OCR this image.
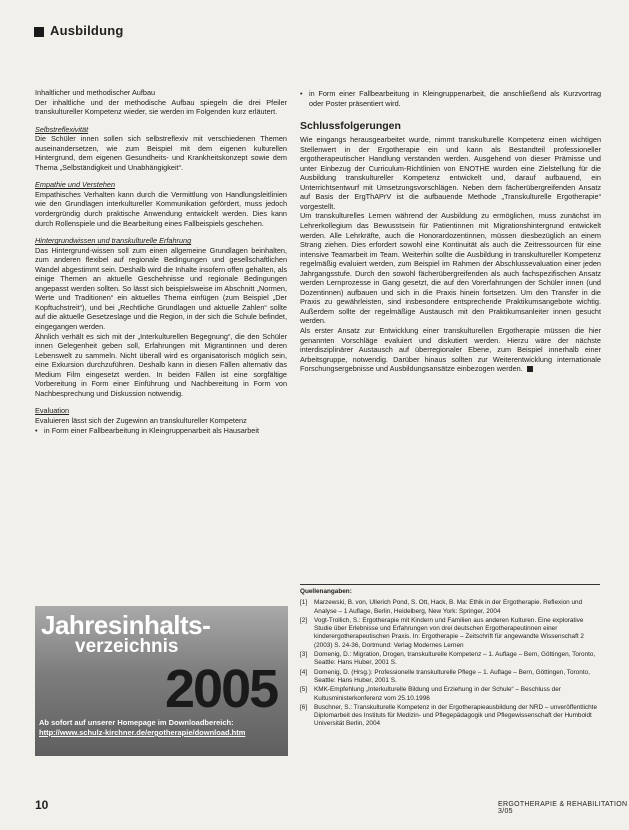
Ausbildung

Inhaltlicher und methodischer Aufbau

Der inhaltliche und der methodische Aufbau spiegeln die drei Pfeiler transkultureller Kompetenz wieder, sie werden im Folgenden kurz erläutert.

Selbstreflexivität

Die Schüler innen sollen sich selbstreflexiv mit verschiedenen Themen auseinandersetzen, wie zum Beispiel mit dem eigenen kulturellen Hintergrund, dem eigenen Gesundheits- und Krankheitskonzept sowie dem Thema „Selbständigkeit und Unabhängigkeit“.

Empathie und Verstehen

Empathisches Verhalten kann durch die Vermittlung von Handlungsleitlinien wie den Grundlagen interkultureller Kommunikation gefördert, muss jedoch vordergründig durch praktische Anwendung entwickelt werden. Dies kann durch Rollenspiele und die Bearbeitung eines Fallbeispiels geschehen.

Hintergrundwissen und transkulturelle Erfahrung

Das Hintergrund-wissen soll zum einen allgemeine Grundlagen beinhalten, zum anderen flexibel auf regionale Bedingungen und gesellschaftlichen Wandel abgestimmt sein. Deshalb wird die Inhalte insofern offen gehalten, als einige Themen an aktuelle Geschehnisse und regionale Bedingungen angepasst werden sollten. So lässt sich beispielsweise im Abschnitt „Normen, Werte und Traditionen“ ein aktuelles Thema einfügen (zum Beispiel „Der Kopftuchstreit“), und bei „Rechtliche Grundlagen und aktuelle Zahlen“ sollte auf die aktuelle Gesetzeslage und die Region, in der sich die Schule befindet, eingegangen werden.

Ähnlich verhält es sich mit der „Interkulturellen Begegnung“, die den Schüler innen Gelegenheit geben soll, Erfahrungen mit Migrantinnen und deren Lebenswelt zu sammeln. Nicht überall wird es organisatorisch möglich sein, eine Exkursion durchzuführen. Deshalb kann in diesen Fällen alternativ das Medium Film eingesetzt werden. In beiden Fällen ist eine sorgfältige Vorbereitung in Form einer Einführung und Nachbereitung in Form von Nachbesprechung und Diskussion notwendig.

Evaluation

Evaluieren lässt sich der Zugewinn an transkultureller Kompetenz

• in Form einer Fallbearbeitung in Kleingruppenarbeit als Hausarbeit
• in Form einer Fallbearbeitung in Kleingruppenarbeit, die anschließend als Kurzvortrag oder Poster präsentiert wird.

Schlussfolgerungen

Wie eingangs herausgearbeitet wurde, nimmt transkulturelle Kompetenz einen wichtigen Stellenwert in der Ergotherapie ein und kann als Bestandteil professioneller ergotherapeutischer Handlung verstanden werden. Ausgehend von dieser Prämisse und unter Einbezug der Curriculum-Richtlinien von ENOTHE wurden eine Zielstellung für die Ausbildung transkultureller Kompetenz entwickelt und, darauf aufbauend, ein Unterrichtsentwurf mit Umsetzungsvorschlägen. Neben dem fächerübergreifenden Ansatz auf Basis der ErgThAPrV ist die aufbauende Methode „Transkulturelle Ergotherapie“ vorgestellt.

Um transkulturelles Lernen während der Ausbildung zu ermöglichen, muss zunächst im Lehrerkollegium das Bewusstsein für Patientinnen mit Migrationshintergrund entwickelt werden. Alle Lehrkräfte, auch die Honorardozentinnen, müssen diesbezüglich an einem Strang ziehen. Dies erfordert sowohl eine Kontinuität als auch die Zeitressourcen für eine intensive Teamarbeit im Team. Weiterhin sollte die Ausbildung in transkultureller Kompetenz regelmäßig evaluiert werden, zum Beispiel im Rahmen der Abschlussevaluation einer jeden Jahrgangsstufe. Durch den sowohl fächerübergreifenden als auch fachspezifischen Ansatz werden Lernprozesse in Gang gesetzt, die auf den Vorerfahrungen der Schüler innen (und Dozentinnen) aufbauen und sich in die Praxis hinein fortsetzen. Um den Transfer in die Praxis zu gewährleisten, sind insbesondere entsprechende Praktikumsangebote wichtig. Außerdem sollte der regelmäßige Austausch mit den Praktikumsanleiter innen gesucht werden.

Als erster Ansatz zur Entwicklung einer transkulturellen Ergotherapie müssen die hier genannten Vorschläge evaluiert und diskutiert werden. Hierzu wäre der nächste interdisziplinärer Austausch auf überregionaler Ebene, zum Beispiel innerhalb einer Arbeitsgruppe, notwendig. Darüber hinaus sollten zur Weiterentwicklung internationale Forschungsergebnisse und Ausbildungsansätze einbezogen werden.

Jahresinhalts-
verzeichnis
2005
Ab sofort auf unserer Homepage im Downloadbereich:
http://www.schulz-kirchner.de/ergotherapie/download.htm
Quellenangaben:
[1]	Marzewski, B. von, Ullerich Pond, S. Ott, Hack, B. Ma: Ethik in der Ergotherapie. Reflexion und Analyse – 1 Auflage, Berlin, Heidelberg, New York: Springer, 2004
[2]	Vogt-Trollich, S.: Ergotherapie mit Kindern und Familien aus anderen Kulturen. Eine explorative Studie über Erlebnisse und Erfahrungen von drei deutschen Ergotherapeutinnen einer kinderergotherapeutischen Praxis. In: Ergotherapie – Zeitschrift für angewandte Wissenschaft 2 (2003) S. 24-36, Dortmund: Verlag Modernes Lernen
[3]	Domenig, D.: Migration, Drogen, transkulturelle Kompetenz – 1. Auflage – Bern, Göttingen, Toronto, Seattle: Hans Huber, 2001 S.
[4]	Domenig, D. (Hrsg.): Professionelle transkulturelle Pflege – 1. Auflage – Bern, Göttingen, Toronto, Seattle: Hans Huber, 2001 S.
[5]	KMK-Empfehlung „Interkulturelle Bildung und Erziehung in der Schule“ – Beschluss der Kultusministerkonferenz vom 25.10.1996
[6]	Buschner, S.: Transkulturelle Kompetenz in der Ergotherapieausbildung der NRD – unveröffentlichte Diplomarbeit des Instituts für Medizin- und Pflegepädagogik und Pflegewissenschaft der Humboldt Universität Berlin, 2004
10	ERGOTHERAPIE & REHABILITATION 3/05
